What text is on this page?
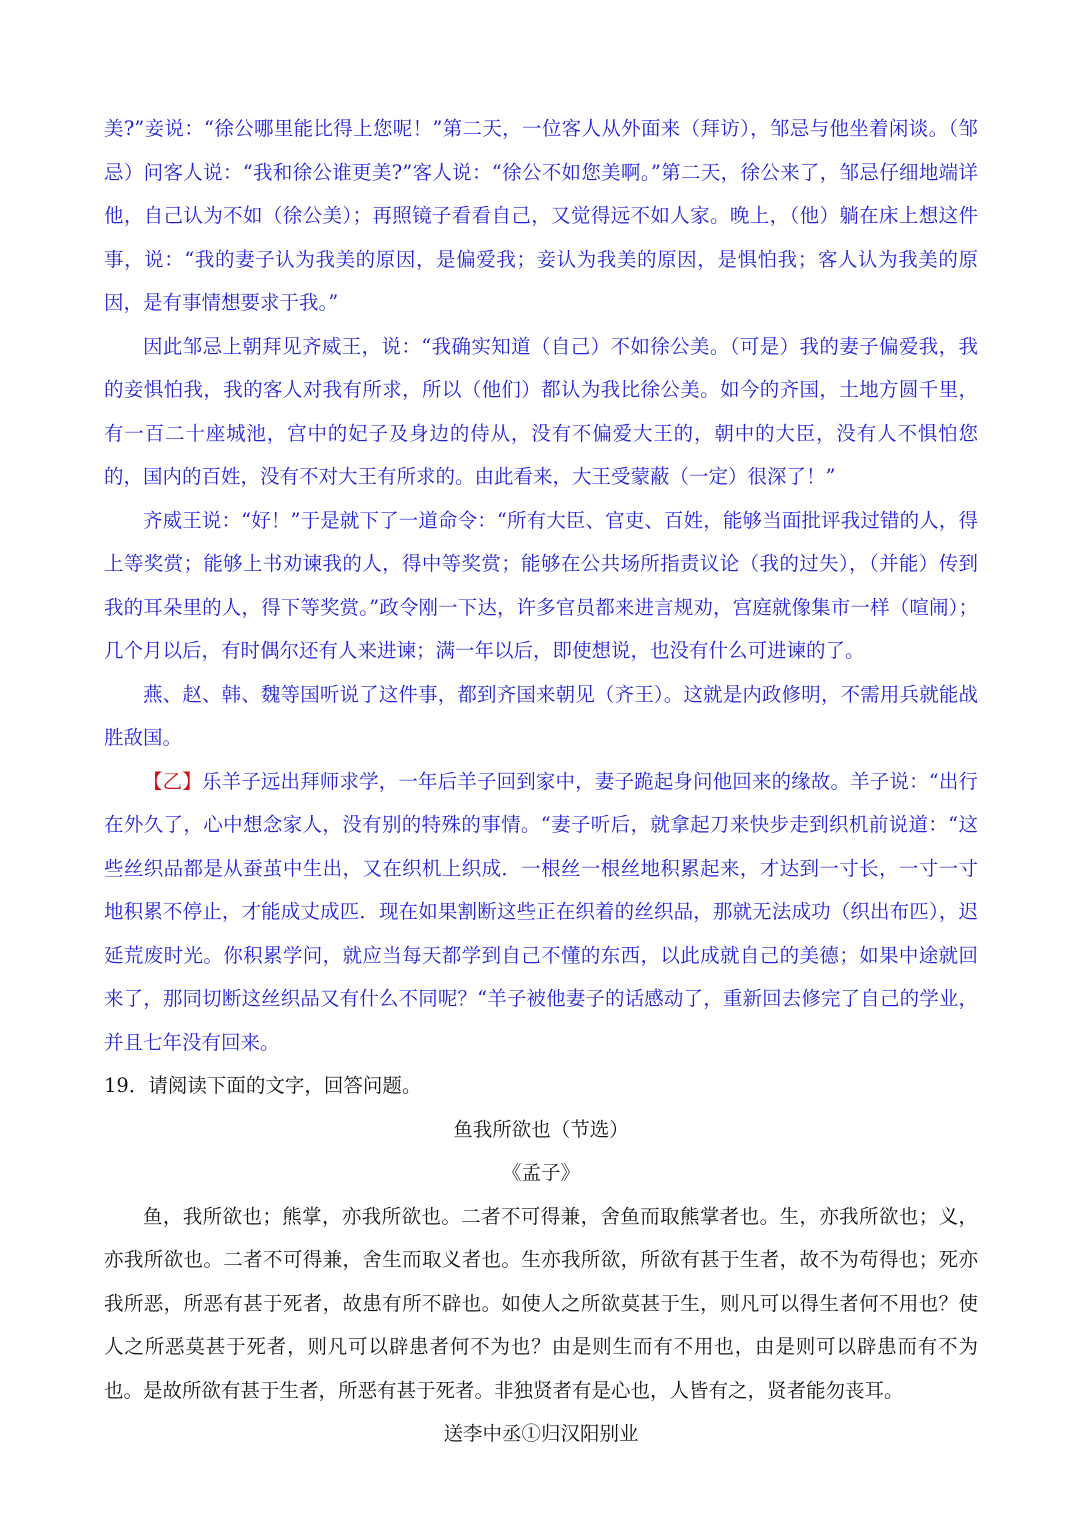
美?”妾说：“徐公哪里能比得上您呢！”第二天，一位客人从外面来（拜访），邹忌与他坐着闲谈。（邹忌）问客人说：“我和徐公谁更美?”客人说：“徐公不如您美啊。”第二天，徐公来了，邹忌仔细地端详他，自己认为不如（徐公美）；再照镜子看看自己，又觉得远不如人家。晚上，（他）躺在床上想这件事，说：“我的妻子认为我美的原因，是偏爱我；妾认为我美的原因，是惧怕我；客人认为我美的原因，是有事情想要求于我。”

因此邹忌上朝拜见齐威王，说：“我确实知道（自己）不如徐公美。（可是）我的妻子偏爱我，我的妾惧怕我，我的客人对我有所求，所以（他们）都认为我比徐公美。如今的齐国，土地方圆千里，有一百二十座城池，宫中的妃子及身边的侍从，没有不偏爱大王的，朝中的大臣，没有人不惧怕您的，国内的百姓，没有不对大王有所求的。由此看来，大王受蒙蔽（一定）很深了！”

齐威王说：“好！”于是就下了一道命令：“所有大臣、官吏、百姓，能够当面批评我过错的人，得上等奖赏；能够上书劝谏我的人，得中等奖赏；能够在公共场所指责议论（我的过失），（并能）传到我的耳朵里的人，得下等奖赏。”政令刚一下达，许多官员都来进言规劝，宫庭就像集市一样（喧闹）；几个月以后，有时偶尔还有人来进谏；满一年以后，即使想说，也没有什么可进谏的了。

燕、赵、韩、魏等国听说了这件事，都到齐国来朝见（齐王）。这就是内政修明，不需用兵就能战胜敌国。

【乙】乐羊子远出拜师求学，一年后羊子回到家中，妻子跪起身问他回来的缘故。羊子说：“出行在外久了，心中想念家人，没有别的特殊的事情。“妻子听后，就拿起刀来快步走到织机前说道：“这些丝织品都是从蚕茧中生出，又在织机上织成．一根丝一根丝地积累起来，才达到一寸长，一寸一寸地积累不停止，才能成丈成匹．现在如果割断这些正在织着的丝织品，那就无法成功（织出布匹），迟延荒废时光。你积累学问，就应当每天都学到自己不懂的东西，以此成就自己的美德；如果中途就回来了，那同切断这丝织品又有什么不同呢？“羊子被他妻子的话感动了，重新回去修完了自己的学业，并且七年没有回来。

19．请阅读下面的文字，回答问题。

鱼我所欲也（节选）

《孟子》

鱼，我所欲也；熊掌，亦我所欲也。二者不可得兼，舍鱼而取熊掌者也。生，亦我所欲也；义，亦我所欲也。二者不可得兼，舍生而取义者也。生亦我所欲，所欲有甚于生者，故不为苟得也；死亦我所恶，所恶有甚于死者，故患有所不辟也。如使人之所欲莫甚于生，则凡可以得生者何不用也？使人之所恶莫甚于死者，则凡可以辟患者何不为也？由是则生而有不用也，由是则可以辟患而有不为也。是故所欲有甚于生者，所恶有甚于死者。非独贤者有是心也，人皆有之，贤者能勿丧耳。

送李中丞①归汉阳别业
